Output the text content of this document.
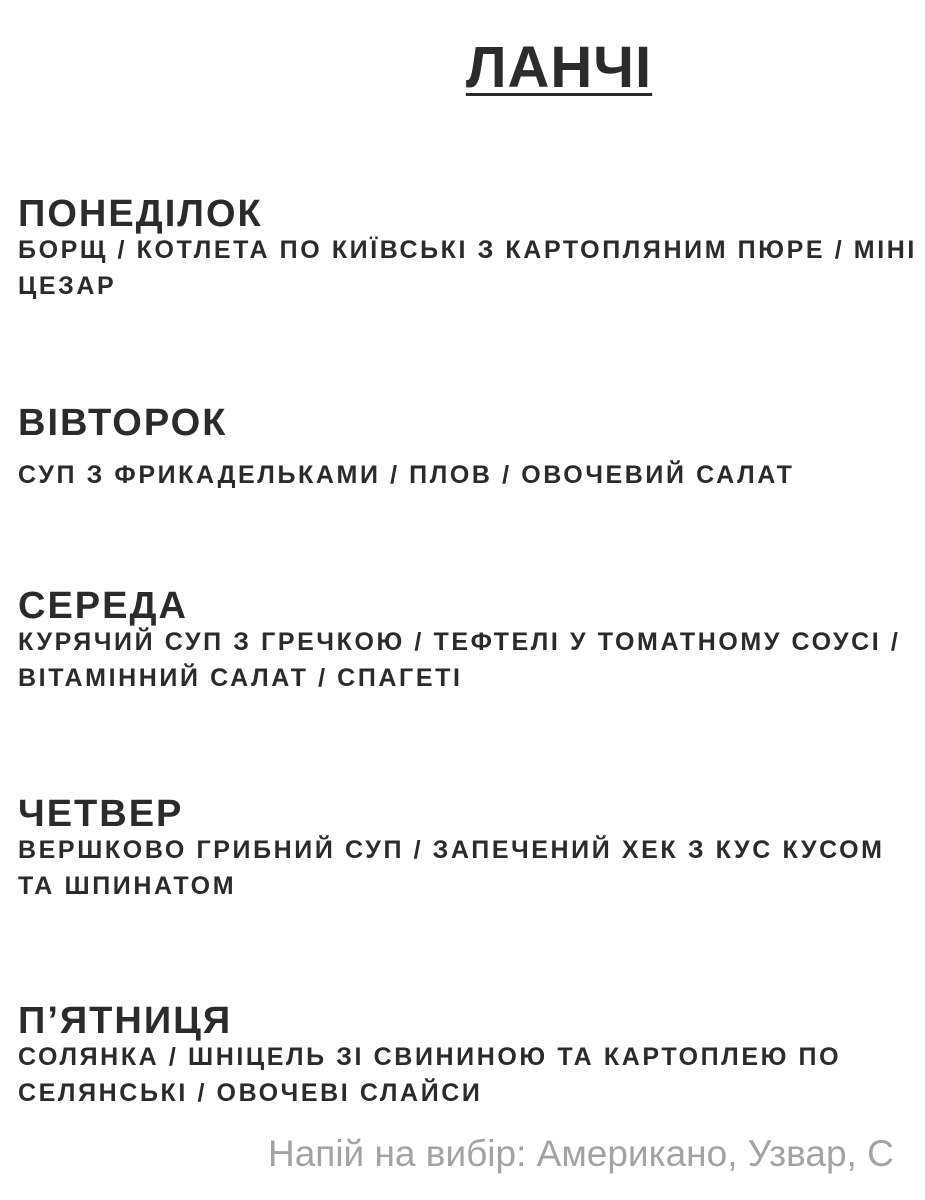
ЛАНЧІ
ПОНЕДІЛОК

БОРЩ / КОТЛЕТА ПО КИЇВСЬКІ З КАРТОПЛЯНИМ ПЮРЕ / МІНІ ЦЕЗАР

ВІВТОРОК

СУП З ФРИКАДЕЛЬКАМИ / ПЛОВ / ОВОЧЕВИЙ САЛАТ

СЕРЕДА

КУРЯЧИЙ СУП З ГРЕЧКОЮ / ТЕФТЕЛІ У ТОМАТНОМУ СОУСІ / ВІТАМІННИЙ САЛАТ / СПАГЕТІ

ЧЕТВЕР

ВЕРШКОВО ГРИБНИЙ СУП / ЗАПЕЧЕНИЙ ХЕК З КУС КУСОМ ТА ШПИНАТОМ

П’ЯТНИЦЯ

СОЛЯНКА / ШНІЦЕЛЬ ЗІ СВИНИНОЮ ТА КАРТОПЛЕЮ ПО СЕЛЯНСЬКІ / ОВОЧЕВІ СЛАЙСИ

Напій на вибір: Американо, Узвар, С
